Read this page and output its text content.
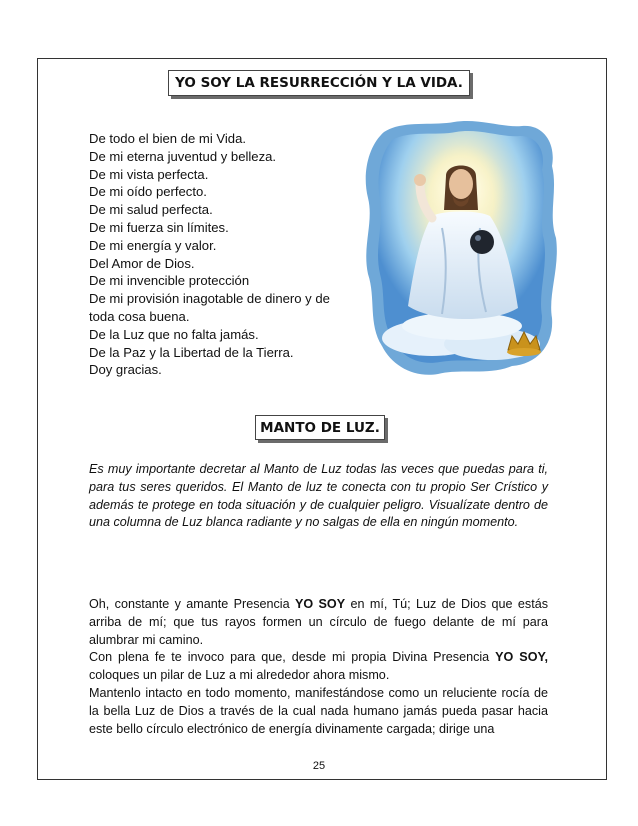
YO SOY LA RESURRECCIÓN Y LA VIDA.
De todo el bien de mi Vida.
De mi eterna juventud y belleza.
De mi vista perfecta.
De mi oído perfecto.
De mi salud perfecta.
De mi fuerza sin límites.
De mi energía y valor.
Del Amor de Dios.
De mi invencible protección
De mi provisión inagotable de dinero y de
toda cosa buena.
De la Luz que no falta jamás.
De la Paz y la Libertad de la Tierra.
Doy gracias.
MANTO DE LUZ.
Es muy importante decretar al Manto de Luz todas las veces que puedas para ti, para tus seres queridos. El Manto de luz te conecta con tu propio Ser Crístico y además te protege en toda situación y de cualquier peligro. Visualízate dentro de una columna de Luz blanca radiante y no salgas de ella en ningún momento.

Oh, constante y amante Presencia YO SOY en mí, Tú; Luz de Dios que estás arriba de mí; que tus rayos formen un círculo de fuego delante de mí para alumbrar mi camino.

Con plena fe te invoco para que, desde mi propia Divina Presencia YO SOY, coloques un pilar de Luz a mi alrededor ahora mismo.

Mantenlo intacto en todo momento, manifestándose como un reluciente rocía de la bella Luz de Dios a través de la cual nada humano jamás pueda pasar hacia este bello círculo electrónico de energía divinamente cargada; dirige una

25
